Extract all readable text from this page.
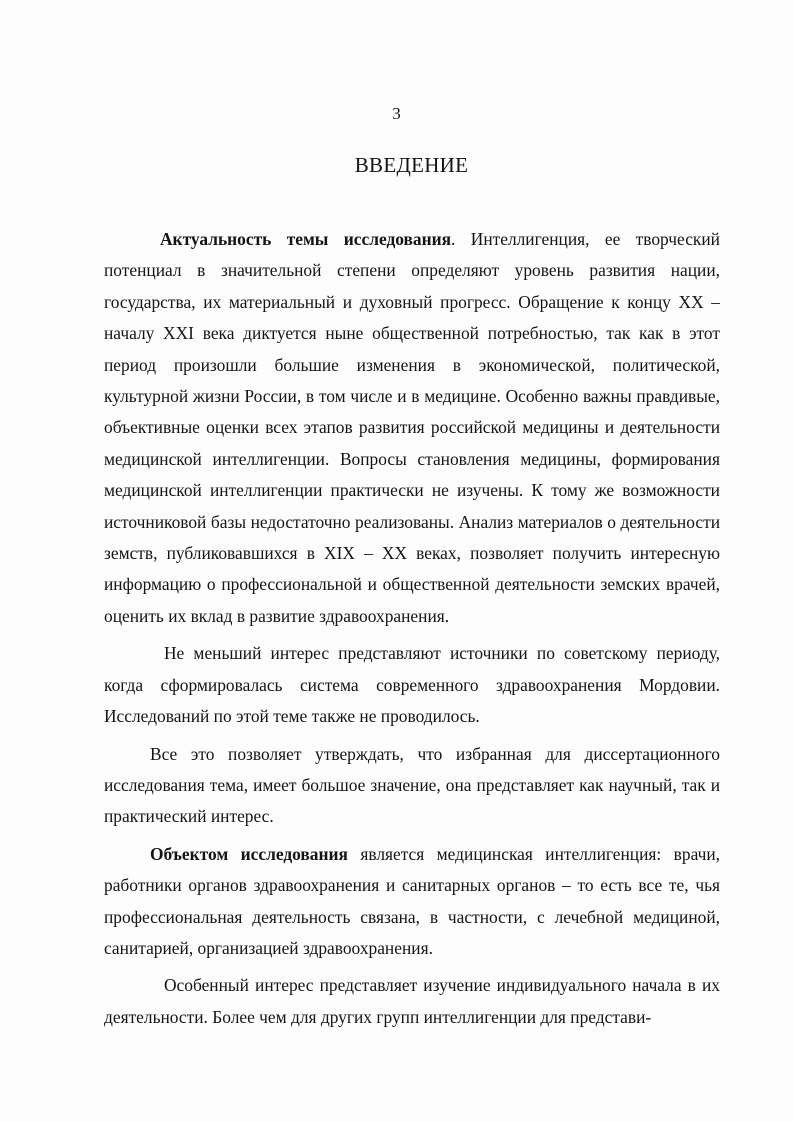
3
ВВЕДЕНИЕ

Актуальность темы исследования. Интеллигенция, ее творческий потенциал в значительной степени определяют уровень развития нации, государства, их материальный и духовный прогресс. Обращение к концу XX – началу XXI века диктуется ныне общественной потребностью, так как в этот период произошли большие изменения в экономической, политической, культурной жизни России, в том числе и в медицине. Особенно важны правдивые, объективные оценки всех этапов развития российской медицины и деятельности медицинской интеллигенции. Вопросы становления медицины, формирования медицинской интеллигенции практически не изучены. К тому же возможности источниковой базы недостаточно реализованы. Анализ материалов о деятельности земств, публиковавшихся в XIX – XX веках, позволяет получить интересную информацию о профессиональной и общественной деятельности земских врачей, оценить их вклад в развитие здравоохранения.

Не меньший интерес представляют источники по советскому периоду, когда сформировалась система современного здравоохранения Мордовии. Исследований по этой теме также не проводилось.

Все это позволяет утверждать, что избранная для диссертационного исследования тема, имеет большое значение, она представляет как научный, так и практический интерес.

Объектом исследования является медицинская интеллигенция: врачи, работники органов здравоохранения и санитарных органов – то есть все те, чья профессиональная деятельность связана, в частности, с лечебной медициной, санитарией, организацией здравоохранения.

Особенный интерес представляет изучение индивидуального начала в их деятельности. Более чем для других групп интеллигенции для представи-
